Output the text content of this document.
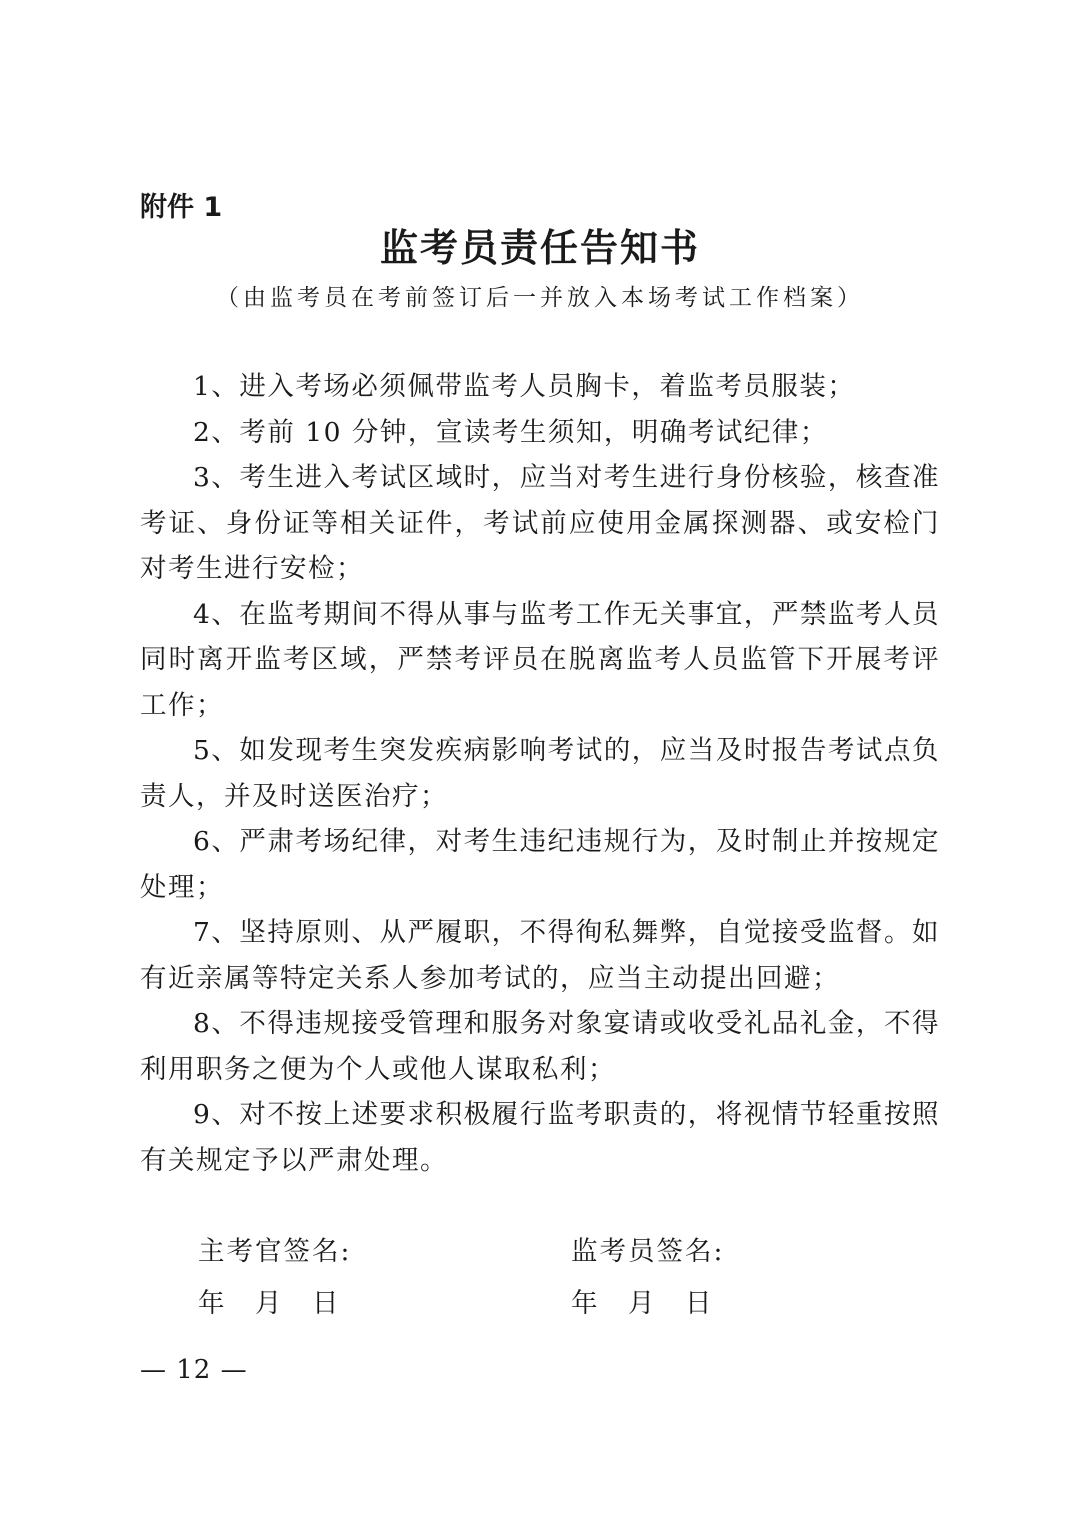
附件 1
监考员责任告知书
（由监考员在考前签订后一并放入本场考试工作档案）

1、进入考场必须佩带监考人员胸卡，着监考员服装；

2、考前 10 分钟，宣读考生须知，明确考试纪律；

3、考生进入考试区域时，应当对考生进行身份核验，核查准考证、身份证等相关证件，考试前应使用金属探测器、或安检门对考生进行安检；

4、在监考期间不得从事与监考工作无关事宜，严禁监考人员同时离开监考区域，严禁考评员在脱离监考人员监管下开展考评工作；

5、如发现考生突发疾病影响考试的，应当及时报告考试点负责人，并及时送医治疗；

6、严肃考场纪律，对考生违纪违规行为，及时制止并按规定处理；

7、坚持原则、从严履职，不得徇私舞弊，自觉接受监督。如有近亲属等特定关系人参加考试的，应当主动提出回避；

8、不得违规接受管理和服务对象宴请或收受礼品礼金，不得利用职务之便为个人或他人谋取私利；

9、对不按上述要求积极履行监考职责的，将视情节轻重按照有关规定予以严肃处理。

主考官签名:
年　月　日
监考员签名:
年　月　日
— 12 —
